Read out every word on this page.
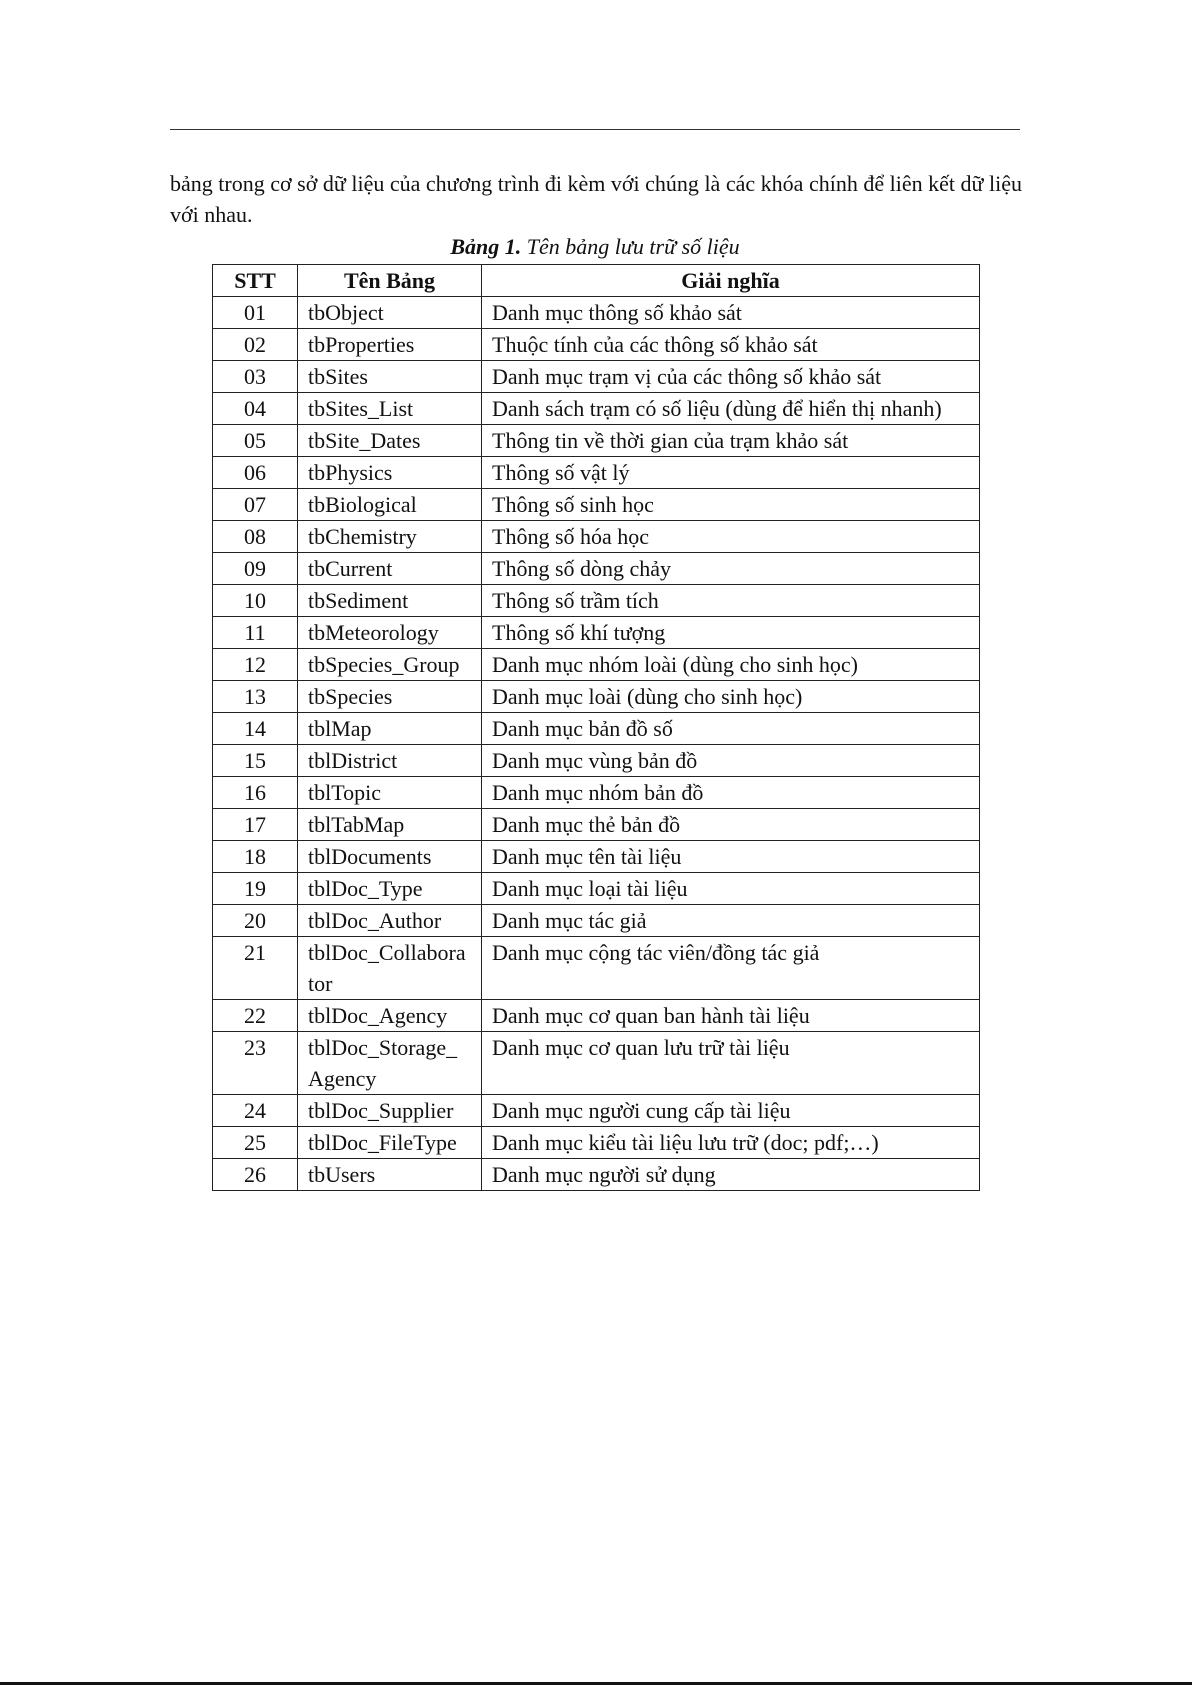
bảng trong cơ sở dữ liệu của chương trình đi kèm với chúng là các khóa chính để liên kết dữ liệu với nhau.

Bảng 1. Tên bảng lưu trữ số liệu
STT	Tên Bảng	Giải nghĩa
01	tbObject	Danh mục thông số khảo sát
02	tbProperties	Thuộc tính của các thông số khảo sát
03	tbSites	Danh mục trạm vị của các thông số khảo sát
04	tbSites_List	Danh sách trạm có số liệu (dùng để hiển thị nhanh)
05	tbSite_Dates	Thông tin về thời gian của trạm khảo sát
06	tbPhysics	Thông số vật lý
07	tbBiological	Thông số sinh học
08	tbChemistry	Thông số hóa học
09	tbCurrent	Thông số dòng chảy
10	tbSediment	Thông số trầm tích
11	tbMeteorology	Thông số khí tượng
12	tbSpecies_Group	Danh mục nhóm loài (dùng cho sinh học)
13	tbSpecies	Danh mục loài (dùng cho sinh học)
14	tblMap	Danh mục bản đồ số
15	tblDistrict	Danh mục vùng bản đồ
16	tblTopic	Danh mục nhóm bản đồ
17	tblTabMap	Danh mục thẻ bản đồ
18	tblDocuments	Danh mục tên tài liệu
19	tblDoc_Type	Danh mục loại tài liệu
20	tblDoc_Author	Danh mục tác giả
21	tblDoc_Collaborator	Danh mục cộng tác viên/đồng tác giả
22	tblDoc_Agency	Danh mục cơ quan ban hành tài liệu
23	tblDoc_Storage_Agency	Danh mục cơ quan lưu trữ tài liệu
24	tblDoc_Supplier	Danh mục người cung cấp tài liệu
25	tblDoc_FileType	Danh mục kiểu tài liệu lưu trữ (doc; pdf;…)
26	tbUsers	Danh mục người sử dụng
